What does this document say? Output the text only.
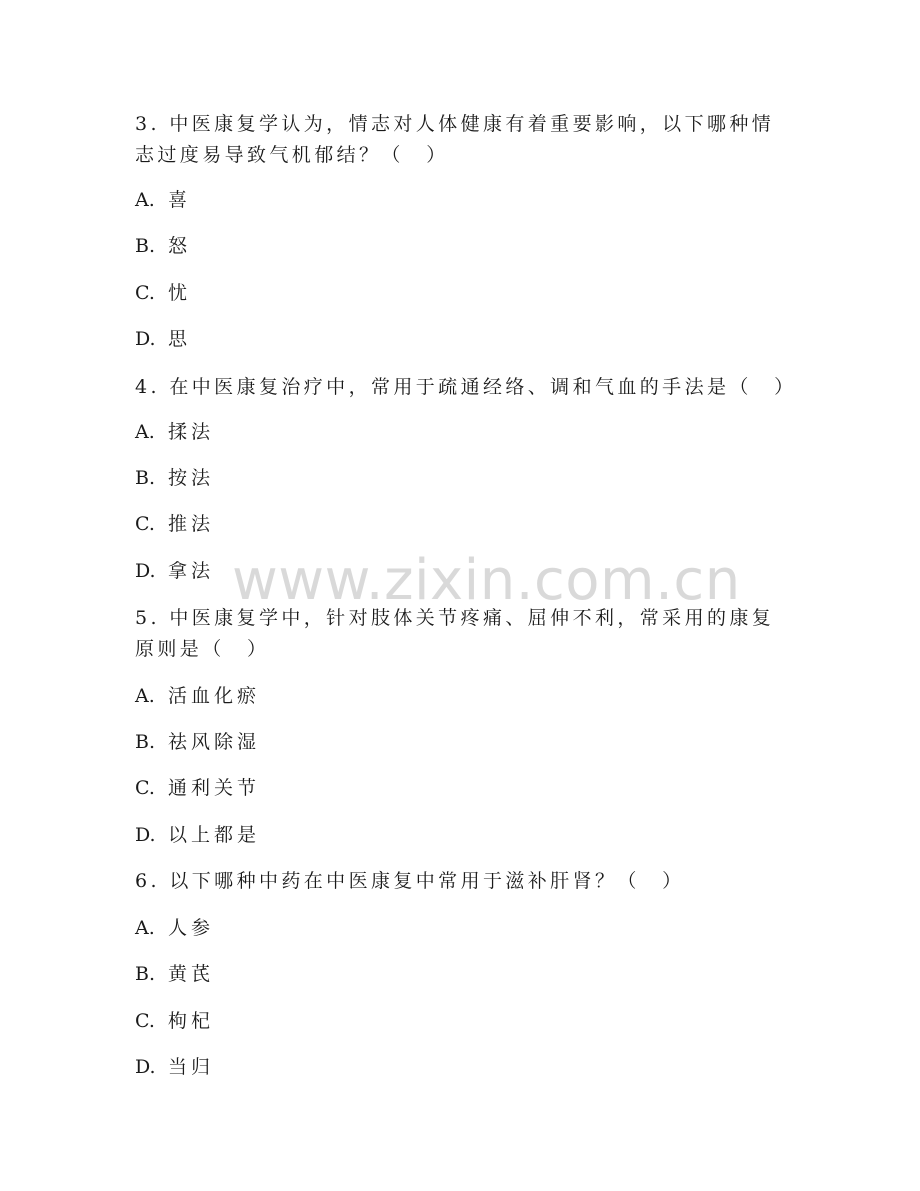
3. 中医康复学认为，情志对人体健康有着重要影响，以下哪种情志过度易导致气机郁结？（　）
A. 喜
B. 怒
C. 忧
D. 思
4. 在中医康复治疗中，常用于疏通经络、调和气血的手法是（　）
A. 揉法
B. 按法
C. 推法
D. 拿法
5. 中医康复学中，针对肢体关节疼痛、屈伸不利，常采用的康复原则是（　）
A. 活血化瘀
B. 祛风除湿
C. 通利关节
D. 以上都是
6. 以下哪种中药在中医康复中常用于滋补肝肾？（　）
A. 人参
B. 黄芪
C. 枸杞
D. 当归
www.zixin.com.cn
